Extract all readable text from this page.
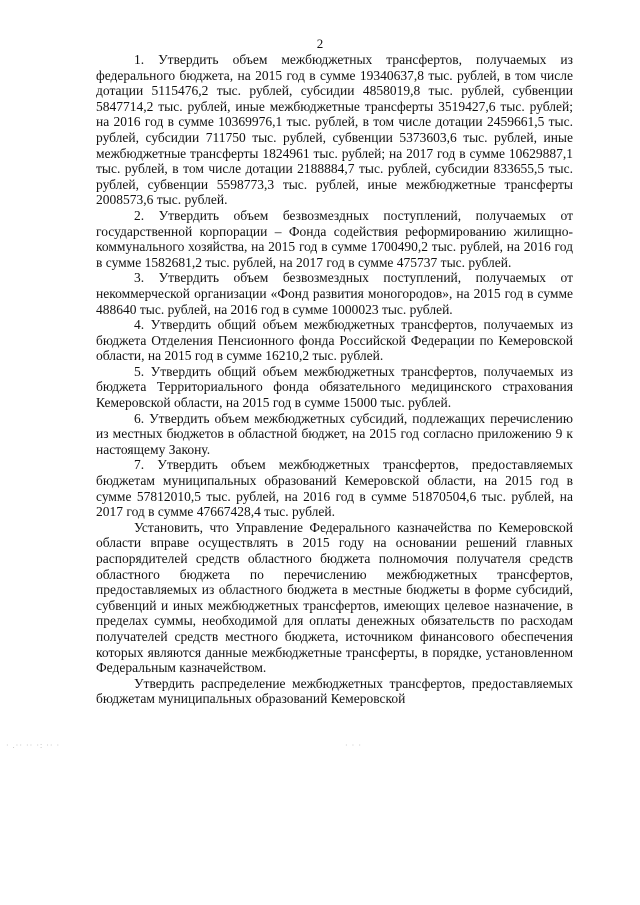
2

1. Утвердить объем межбюджетных трансфертов, получаемых из федерального бюджета, на 2015 год в сумме 19340637,8 тыс. рублей, в том числе дотации 5115476,2 тыс. рублей, субсидии 4858019,8 тыс. рублей, субвенции 5847714,2 тыс. рублей, иные межбюджетные трансферты 3519427,6 тыс. рублей; на 2016 год в сумме 10369976,1 тыс. рублей, в том числе дотации 2459661,5 тыс. рублей, субсидии 711750 тыс. рублей, субвенции 5373603,6 тыс. рублей, иные межбюджетные трансферты 1824961 тыс. рублей; на 2017 год в сумме 10629887,1 тыс. рублей, в том числе дотации 2188884,7 тыс. рублей, субсидии 833655,5 тыс. рублей, субвенции 5598773,3 тыс. рублей, иные межбюджетные трансферты 2008573,6 тыс. рублей.

2. Утвердить объем безвозмездных поступлений, получаемых от государственной корпорации – Фонда содействия реформированию жилищно-коммунального хозяйства, на 2015 год в сумме 1700490,2 тыс. рублей, на 2016 год в сумме 1582681,2 тыс. рублей, на 2017 год в сумме 475737 тыс. рублей.

3. Утвердить объем безвозмездных поступлений, получаемых от некоммерческой организации «Фонд развития моногородов», на 2015 год в сумме 488640 тыс. рублей, на 2016 год в сумме 1000023 тыс. рублей.

4. Утвердить общий объем межбюджетных трансфертов, получаемых из бюджета Отделения Пенсионного фонда Российской Федерации по Кемеровской области, на 2015 год в сумме 16210,2 тыс. рублей.

5. Утвердить общий объем межбюджетных трансфертов, получаемых из бюджета Территориального фонда обязательного медицинского страхования Кемеровской области, на 2015 год в сумме 15000 тыс. рублей.

6. Утвердить объем межбюджетных субсидий, подлежащих перечислению из местных бюджетов в областной бюджет, на 2015 год согласно приложению 9 к настоящему Закону.

7. Утвердить объем межбюджетных трансфертов, предоставляемых бюджетам муниципальных образований Кемеровской области, на 2015 год в сумме 57812010,5 тыс. рублей, на 2016 год в сумме 51870504,6 тыс. рублей, на 2017 год в сумме 47667428,4 тыс. рублей.

Установить, что Управление Федерального казначейства по Кемеровской области вправе осуществлять в 2015 году на основании решений главных распорядителей средств областного бюджета полномочия получателя средств областного бюджета по перечислению межбюджетных трансфертов, предоставляемых из областного бюджета в местные бюджеты в форме субсидий, субвенций и иных межбюджетных трансфертов, имеющих целевое назначение, в пределах суммы, необходимой для оплаты денежных обязательств по расходам получателей средств местного бюджета, источником финансового обеспечения которых являются данные межбюджетные трансферты, в порядке, установленном Федеральным казначейством.

Утвердить распределение межбюджетных трансфертов, предоставляемых бюджетам муниципальных образований Кемеровской

· .·· ·· ·: ·· ·	· · ·
